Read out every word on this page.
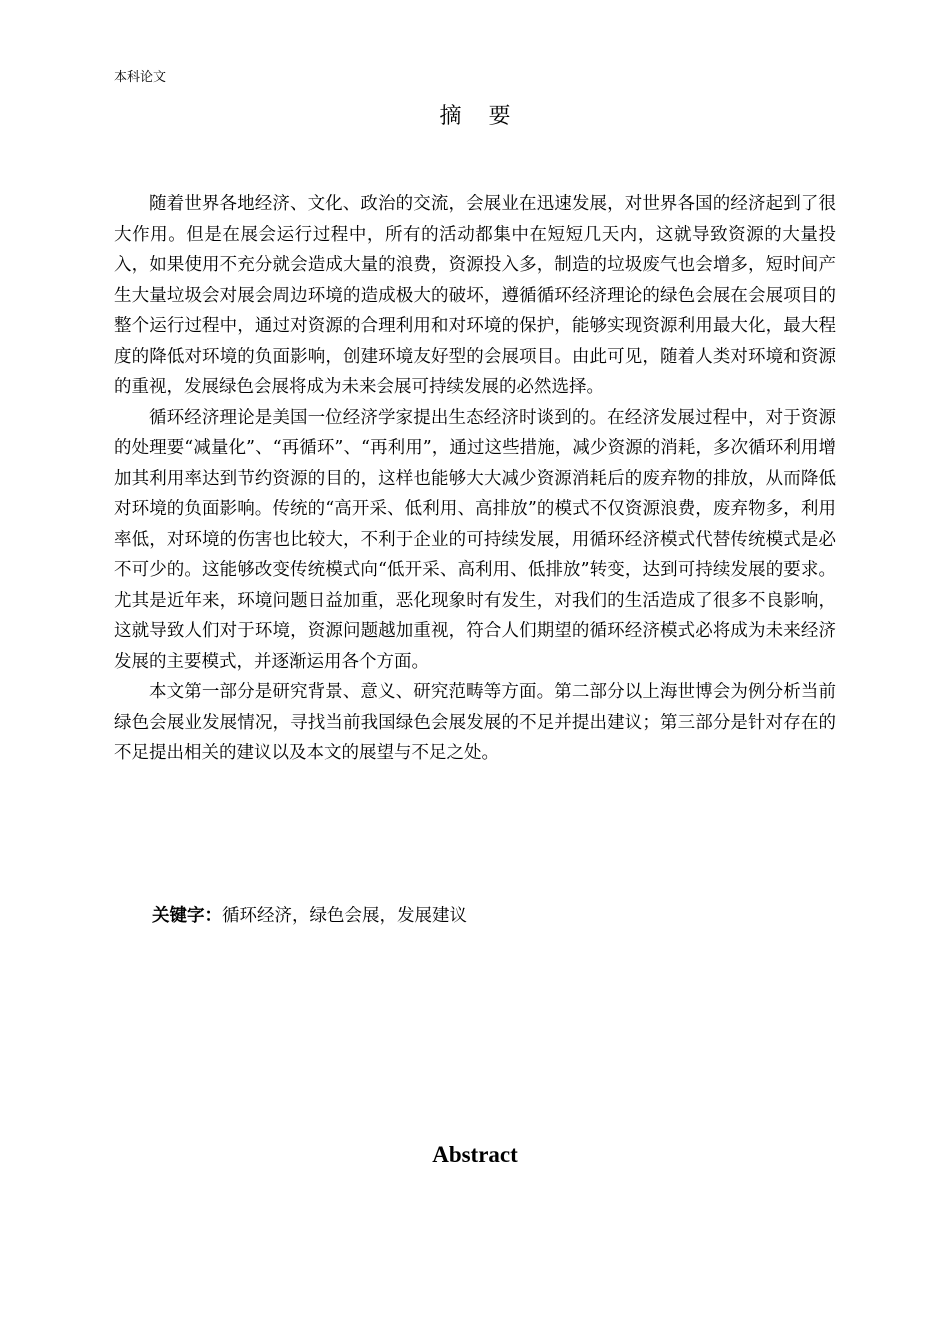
本科论文
摘 要

随着世界各地经济、文化、政治的交流，会展业在迅速发展，对世界各国的经济起到了很大作用。但是在展会运行过程中，所有的活动都集中在短短几天内，这就导致资源的大量投入，如果使用不充分就会造成大量的浪费，资源投入多，制造的垃圾废气也会增多，短时间产生大量垃圾会对展会周边环境的造成极大的破坏，遵循循环经济理论的绿色会展在会展项目的整个运行过程中，通过对资源的合理利用和对环境的保护，能够实现资源利用最大化，最大程度的降低对环境的负面影响，创建环境友好型的会展项目。由此可见，随着人类对环境和资源的重视，发展绿色会展将成为未来会展可持续发展的必然选择。

循环经济理论是美国一位经济学家提出生态经济时谈到的。在经济发展过程中，对于资源的处理要“减量化”、“再循环”、“再利用”，通过这些措施，减少资源的消耗，多次循环利用增加其利用率达到节约资源的目的，这样也能够大大减少资源消耗后的废弃物的排放，从而降低对环境的负面影响。传统的“高开采、低利用、高排放”的模式不仅资源浪费，废弃物多，利用率低，对环境的伤害也比较大，不利于企业的可持续发展，用循环经济模式代替传统模式是必不可少的。这能够改变传统模式向“低开采、高利用、低排放”转变，达到可持续发展的要求。尤其是近年来，环境问题日益加重，恶化现象时有发生，对我们的生活造成了很多不良影响，这就导致人们对于环境，资源问题越加重视，符合人们期望的循环经济模式必将成为未来经济发展的主要模式，并逐渐运用各个方面。

本文第一部分是研究背景、意义、研究范畴等方面。第二部分以上海世博会为例分析当前绿色会展业发展情况，寻找当前我国绿色会展发展的不足并提出建议；第三部分是针对存在的不足提出相关的建议以及本文的展望与不足之处。

关键字：循环经济，绿色会展，发展建议
Abstract
